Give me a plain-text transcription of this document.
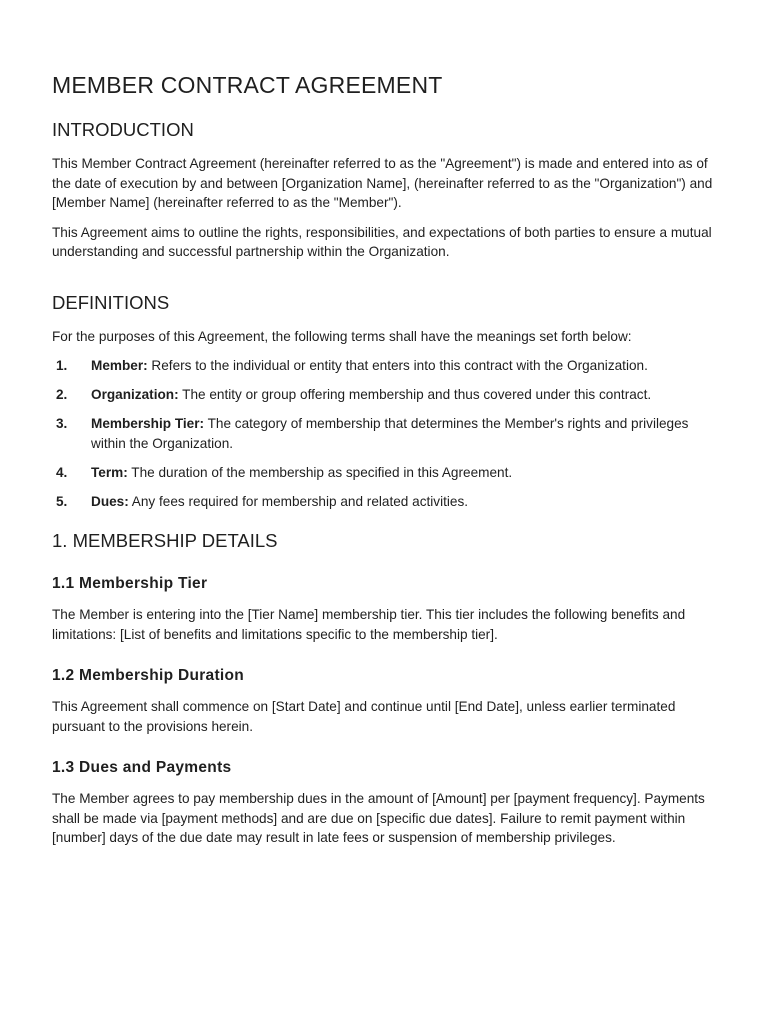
MEMBER CONTRACT AGREEMENT
INTRODUCTION

This Member Contract Agreement (hereinafter referred to as the "Agreement") is made and entered into as of the date of execution by and between [Organization Name], (hereinafter referred to as the "Organization") and [Member Name] (hereinafter referred to as the "Member").

This Agreement aims to outline the rights, responsibilities, and expectations of both parties to ensure a mutual understanding and successful partnership within the Organization.

DEFINITIONS

For the purposes of this Agreement, the following terms shall have the meanings set forth below:

1. Member: Refers to the individual or entity that enters into this contract with the Organization.
2. Organization: The entity or group offering membership and thus covered under this contract.
3. Membership Tier: The category of membership that determines the Member's rights and privileges within the Organization.
4. Term: The duration of the membership as specified in this Agreement.
5. Dues: Any fees required for membership and related activities.
1. MEMBERSHIP DETAILS
1.1 Membership Tier

The Member is entering into the [Tier Name] membership tier. This tier includes the following benefits and limitations: [List of benefits and limitations specific to the membership tier].

1.2 Membership Duration

This Agreement shall commence on [Start Date] and continue until [End Date], unless earlier terminated pursuant to the provisions herein.

1.3 Dues and Payments

The Member agrees to pay membership dues in the amount of [Amount] per [payment frequency]. Payments shall be made via [payment methods] and are due on [specific due dates]. Failure to remit payment within [number] days of the due date may result in late fees or suspension of membership privileges.
